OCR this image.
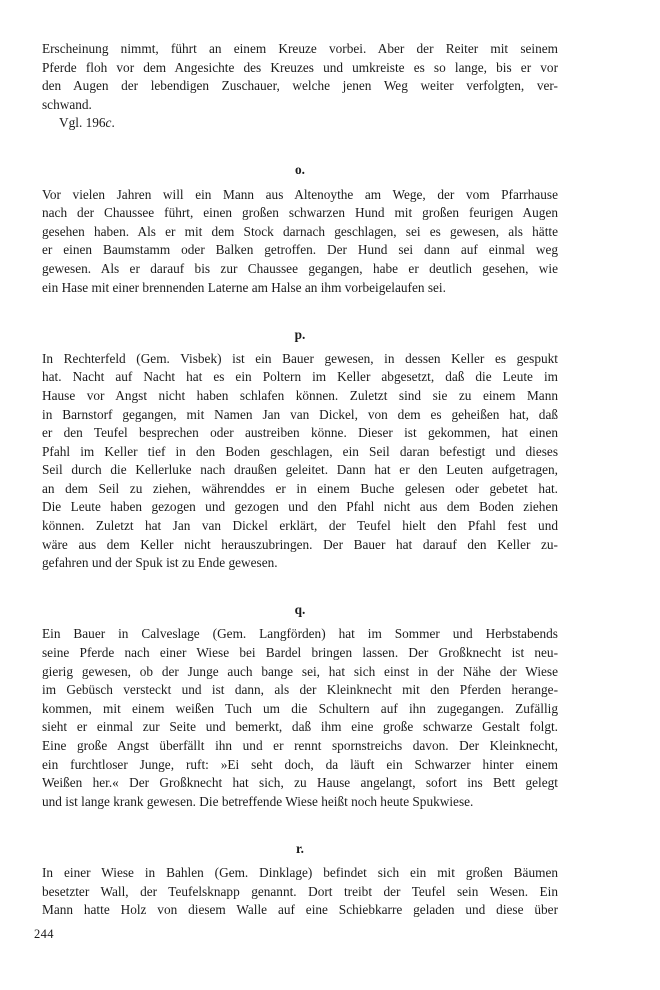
Erscheinung nimmt, führt an einem Kreuze vorbei. Aber der Reiter mit seinem
Pferde floh vor dem Angesichte des Kreuzes und umkreiste es so lange, bis er vor
den Augen der lebendigen Zuschauer, welche jenen Weg weiter verfolgten, ver-
schwand.
Vgl. 196c.
o.
Vor vielen Jahren will ein Mann aus Altenoythe am Wege, der vom Pfarrhause
nach der Chaussee führt, einen großen schwarzen Hund mit großen feurigen Augen
gesehen haben. Als er mit dem Stock darnach geschlagen, sei es gewesen, als hätte
er einen Baumstamm oder Balken getroffen. Der Hund sei dann auf einmal weg
gewesen. Als er darauf bis zur Chaussee gegangen, habe er deutlich gesehen, wie
ein Hase mit einer brennenden Laterne am Halse an ihm vorbeigelaufen sei.
p.
In Rechterfeld (Gem. Visbek) ist ein Bauer gewesen, in dessen Keller es gespukt
hat. Nacht auf Nacht hat es ein Poltern im Keller abgesetzt, daß die Leute im
Hause vor Angst nicht haben schlafen können. Zuletzt sind sie zu einem Mann
in Barnstorf gegangen, mit Namen Jan van Dickel, von dem es geheißen hat, daß
er den Teufel besprechen oder austreiben könne. Dieser ist gekommen, hat einen
Pfahl im Keller tief in den Boden geschlagen, ein Seil daran befestigt und dieses
Seil durch die Kellerluke nach draußen geleitet. Dann hat er den Leuten aufgetragen,
an dem Seil zu ziehen, währenddes er in einem Buche gelesen oder gebetet hat.
Die Leute haben gezogen und gezogen und den Pfahl nicht aus dem Boden ziehen
können. Zuletzt hat Jan van Dickel erklärt, der Teufel hielt den Pfahl fest und
wäre aus dem Keller nicht herauszubringen. Der Bauer hat darauf den Keller zu-
gefahren und der Spuk ist zu Ende gewesen.
q.
Ein Bauer in Calveslage (Gem. Langförden) hat im Sommer und Herbstabends
seine Pferde nach einer Wiese bei Bardel bringen lassen. Der Großknecht ist neu-
gierig gewesen, ob der Junge auch bange sei, hat sich einst in der Nähe der Wiese
im Gebüsch versteckt und ist dann, als der Kleinknecht mit den Pferden herange-
kommen, mit einem weißen Tuch um die Schultern auf ihn zugegangen. Zufällig
sieht er einmal zur Seite und bemerkt, daß ihm eine große schwarze Gestalt folgt.
Eine große Angst überfällt ihn und er rennt spornstreichs davon. Der Kleinknecht,
ein furchtloser Junge, ruft: »Ei seht doch, da läuft ein Schwarzer hinter einem
Weißen her.« Der Großknecht hat sich, zu Hause angelangt, sofort ins Bett gelegt
und ist lange krank gewesen. Die betreffende Wiese heißt noch heute Spukwiese.
r.
In einer Wiese in Bahlen (Gem. Dinklage) befindet sich ein mit großen Bäumen
besetzter Wall, der Teufelsknapp genannt. Dort treibt der Teufel sein Wesen. Ein
Mann hatte Holz von diesem Walle auf eine Schiebkarre geladen und diese über
244
